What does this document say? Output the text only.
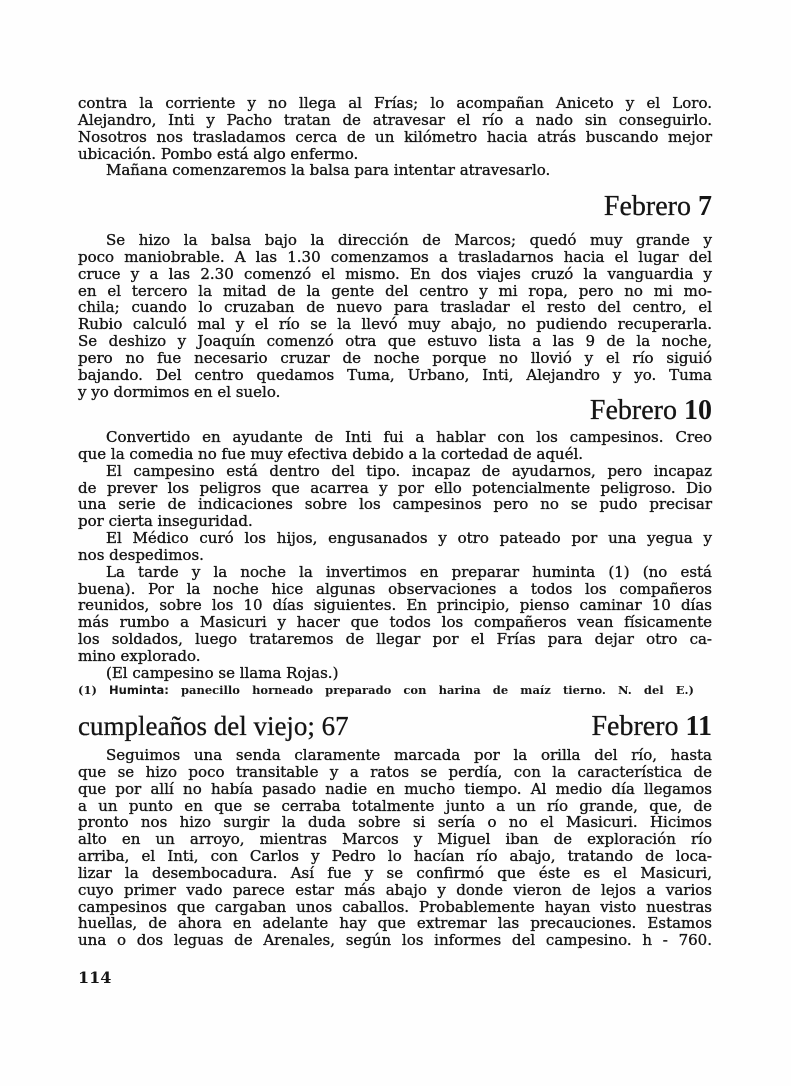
contra la corriente y no llega al Frías; lo acompañan Aniceto y el Loro.
Alejandro, Inti y Pacho tratan de atravesar el río a nado sin conseguirlo.
Nosotros nos trasladamos cerca de un kilómetro hacia atrás buscando mejor
ubicación. Pombo está algo enfermo.
Mañana comenzaremos la balsa para intentar atravesarlo.
Febrero 7
Se hizo la balsa bajo la dirección de Marcos; quedó muy grande y
poco maniobrable. A las 1.30 comenzamos a trasladarnos hacia el lugar del
cruce y a las 2.30 comenzó el mismo. En dos viajes cruzó la vanguardia y
en el tercero la mitad de la gente del centro y mi ropa, pero no mi mo-
chila; cuando lo cruzaban de nuevo para trasladar el resto del centro, el
Rubio calculó mal y el río se la llevó muy abajo, no pudiendo recuperarla.
Se deshizo y Joaquín comenzó otra que estuvo lista a las 9 de la noche,
pero no fue necesario cruzar de noche porque no llovió y el río siguió
bajando. Del centro quedamos Tuma, Urbano, Inti, Alejandro y yo. Tuma
y yo dormimos en el suelo.
Febrero 10
Convertido en ayudante de Inti fui a hablar con los campesinos. Creo
que la comedia no fue muy efectiva debido a la cortedad de aquél.
El campesino está dentro del tipo. incapaz de ayudarnos, pero incapaz
de prever los peligros que acarrea y por ello potencialmente peligroso. Dio
una serie de indicaciones sobre los campesinos pero no se pudo precisar
por cierta inseguridad.
El Médico curó los hijos, engusanados y otro pateado por una yegua y
nos despedimos.
La tarde y la noche la invertimos en preparar huminta (1) (no está
buena). Por la noche hice algunas observaciones a todos los compañeros
reunidos, sobre los 10 días siguientes. En principio, pienso caminar 10 días
más rumbo a Masicuri y hacer que todos los compañeros vean físicamente
los soldados, luego trataremos de llegar por el Frías para dejar otro ca-
mino explorado.
(El campesino se llama Rojas.)
(1) Huminta: panecillo horneado preparado con harina de maíz tierno. N. del E.)
cumpleaños del viejo; 67	Febrero 11
Seguimos una senda claramente marcada por la orilla del río, hasta
que se hizo poco transitable y a ratos se perdía, con la característica de
que por allí no había pasado nadie en mucho tiempo. Al medio día llegamos
a un punto en que se cerraba totalmente junto a un río grande, que, de
pronto nos hizo surgir la duda sobre si sería o no el Masicuri. Hicimos
alto en un arroyo, mientras Marcos y Miguel iban de exploración río
arriba, el Inti, con Carlos y Pedro lo hacían río abajo, tratando de loca-
lizar la desembocadura. Así fue y se confirmó que éste es el Masicuri,
cuyo primer vado parece estar más abajo y donde vieron de lejos a varios
campesinos que cargaban unos caballos. Probablemente hayan visto nuestras
huellas, de ahora en adelante hay que extremar las precauciones. Estamos
una o dos leguas de Arenales, según los informes del campesino. h - 760.
114
